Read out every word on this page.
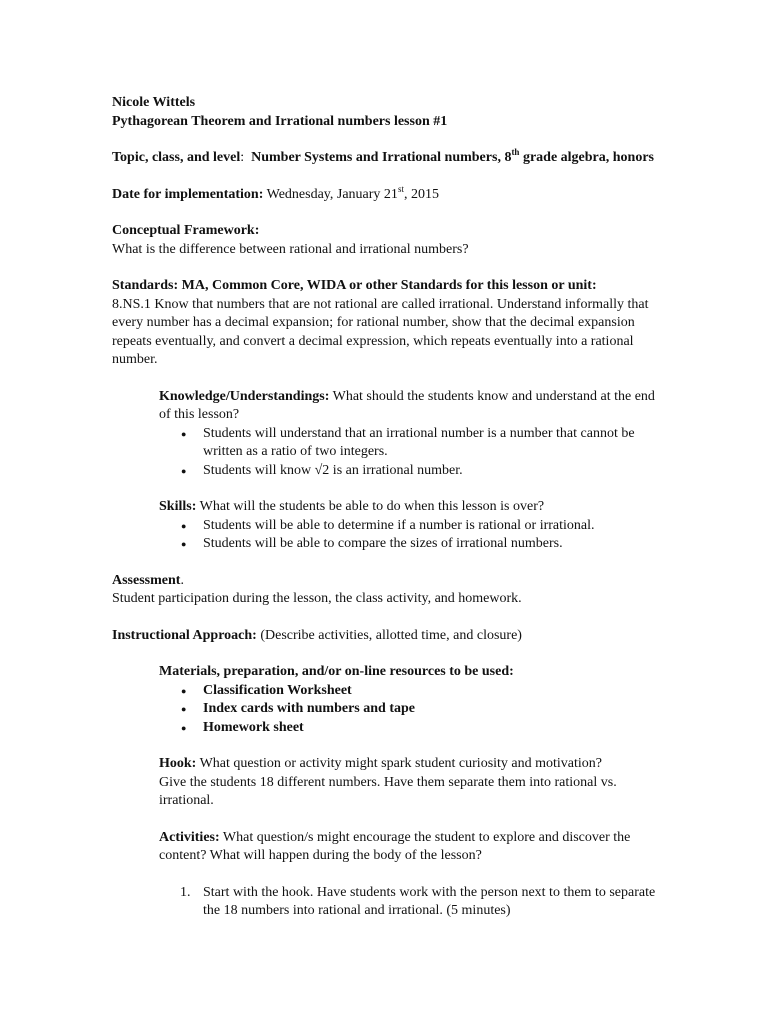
Nicole Wittels
Pythagorean Theorem and Irrational numbers lesson #1
Topic, class, and level:  Number Systems and Irrational numbers, 8th grade algebra, honors
Date for implementation: Wednesday, January 21st, 2015
Conceptual Framework:
What is the difference between rational and irrational numbers?
Standards: MA, Common Core, WIDA or other Standards for this lesson or unit:
8.NS.1 Know that numbers that are not rational are called irrational. Understand informally that every number has a decimal expansion; for rational number, show that the decimal expansion repeats eventually, and convert a decimal expression, which repeats eventually into a rational number.
Knowledge/Understandings: What should the students know and understand at the end of this lesson?
● Students will understand that an irrational number is a number that cannot be written as a ratio of two integers.
● Students will know √2 is an irrational number.
Skills: What will the students be able to do when this lesson is over?
● Students will be able to determine if a number is rational or irrational.
● Students will be able to compare the sizes of irrational numbers.
Assessment.
Student participation during the lesson, the class activity, and homework.
Instructional Approach: (Describe activities, allotted time, and closure)
Materials, preparation, and/or on-line resources to be used:
● Classification Worksheet
● Index cards with numbers and tape
● Homework sheet
Hook: What question or activity might spark student curiosity and motivation?
Give the students 18 different numbers. Have them separate them into rational vs. irrational.
Activities: What question/s might encourage the student to explore and discover the content? What will happen during the body of the lesson?
1. Start with the hook. Have students work with the person next to them to separate the 18 numbers into rational and irrational. (5 minutes)
